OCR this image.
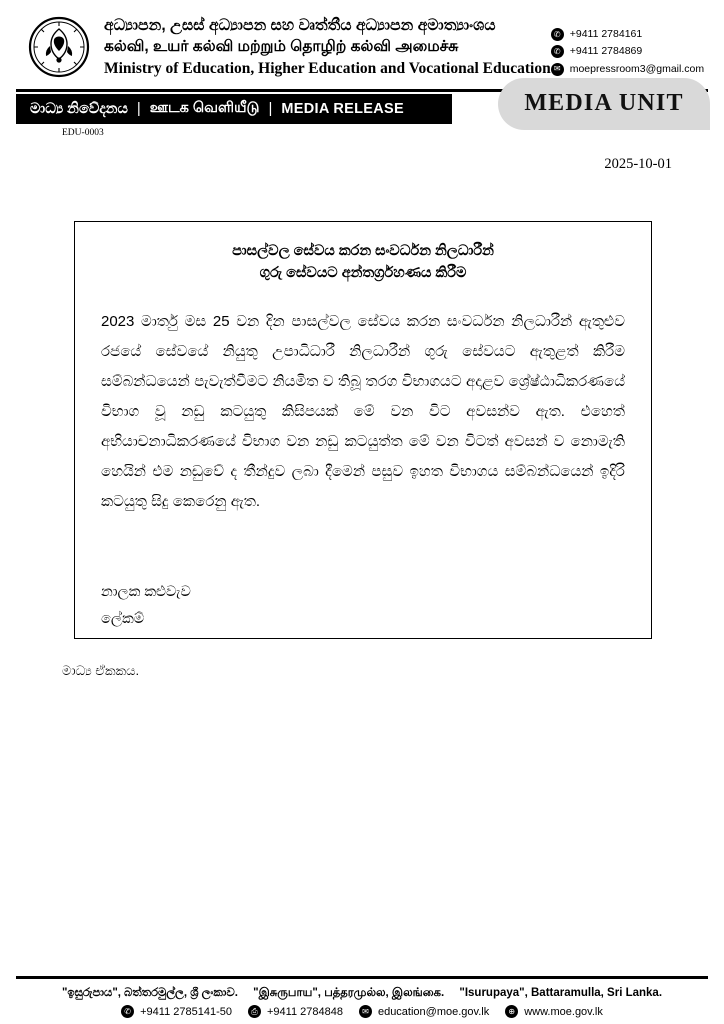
අධ්‍යාපන, උසස් අධ්‍යාපන සහ වෘත්තීය අධ්‍යාපන අමාත්‍යාංශය
கல்வி, உயர் கல்வி மற்றும் தொழிற் கல்வி அமைச்சு
Ministry of Education, Higher Education and Vocational Education
✆ +9411 2784161
✆ +9411 2784869
✉ moepressroom3@gmail.com
මාධ්‍ය නිවේදනය | ஊடக வெளியீடு | MEDIA RELEASE	MEDIA UNIT
EDU-0003
2025-10-01
පාසල්වල සේවය කරන සංවර්ධන නිලධාරීන්
ගුරු සේවයට අන්තර්ග්‍රහණය කිරීම
2023 මාර්තු මස 25 වන දින පාසල්වල සේවය කරන සංවර්ධන නිලධාරීන් ඇතුළුව රජයේ සේවයේ නියුතු උපාධිධාරී නිලධාරීන් ගුරු සේවයට ඇතුළත් කිරීම සම්බන්ධයෙන් පැවැත්වීමට නියමිත ව තිබූ තරග විභාගයට අදාළව ශ්‍රේෂ්ඨාධිකරණයේ විභාග වූ නඩු කටයුතු කිසිපයක් මේ වන විට අවසන්ව ඇත. එහෙත් අභියාචනාධිකරණයේ විභාග වන නඩු කටයුත්ත මේ වන විටත් අවසන් ව නොමැති හෙයින් එම නඩුවේ ද තීන්දුව ලබා දීමෙන් පසුව ඉහත විභාගය සම්බන්ධයෙන් ඉදිරි කටයුතු සිදු කෙරෙනු ඇත.
නාලක කළුවැව
ලේකම්
මාධ්‍ය ඒකකය.
"ඉසුරුපාය", බත්තරමුල්ල, ශ්‍රී ලංකාව. "இசுருபாய", பத்தரமுல்ல, இலங்கை. "Isurupaya", Battaramulla, Sri Lanka.
✆ +9411 2785141-50	⎙ +9411 2784848	✉ education@moe.gov.lk	⊕ www.moe.gov.lk
